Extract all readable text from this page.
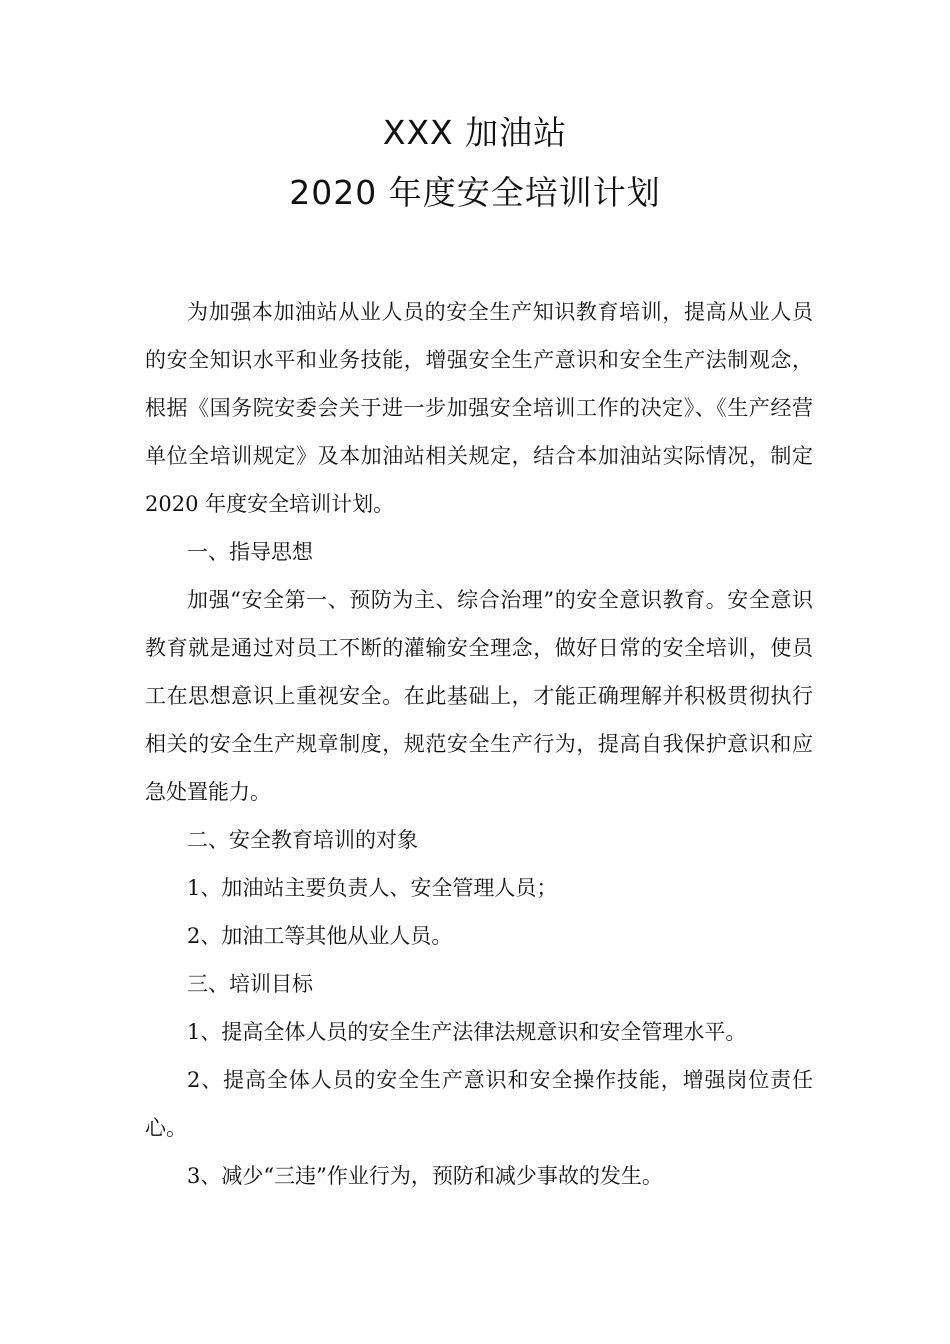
XXX 加油站
2020 年度安全培训计划

为加强本加油站从业人员的安全生产知识教育培训，提高从业人员的安全知识水平和业务技能，增强安全生产意识和安全生产法制观念，根据《国务院安委会关于进一步加强安全培训工作的决定》、《生产经营单位全培训规定》及本加油站相关规定，结合本加油站实际情况，制定 2020 年度安全培训计划。

一、指导思想

加强“安全第一、预防为主、综合治理”的安全意识教育。安全意识教育就是通过对员工不断的灌输安全理念，做好日常的安全培训，使员工在思想意识上重视安全。在此基础上，才能正确理解并积极贯彻执行相关的安全生产规章制度，规范安全生产行为，提高自我保护意识和应急处置能力。

二、安全教育培训的对象

1、加油站主要负责人、安全管理人员；

2、加油工等其他从业人员。

三、培训目标

1、提高全体人员的安全生产法律法规意识和安全管理水平。

2、提高全体人员的安全生产意识和安全操作技能，增强岗位责任心。

3、减少“三违”作业行为，预防和减少事故的发生。
